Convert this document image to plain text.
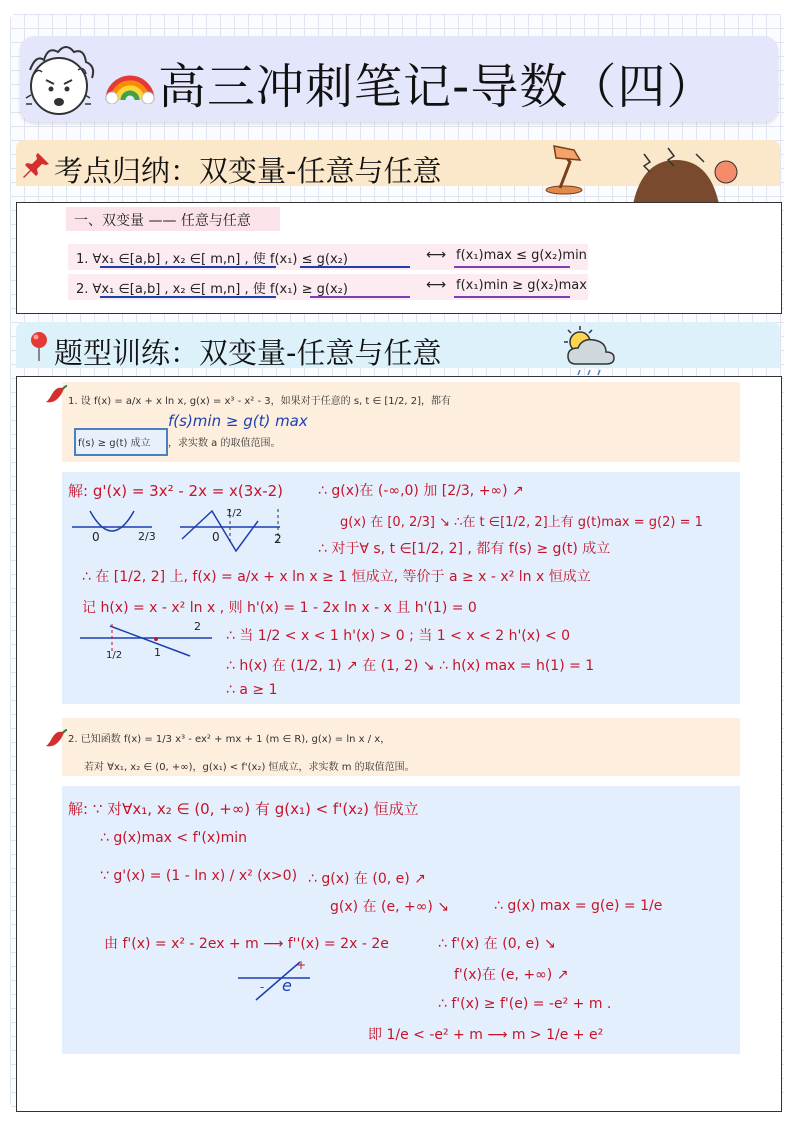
高三冲刺笔记-导数（四）
考点归纳：双变量-任意与任意
一、双变量 —— 任意与任意
1. ∀x₁ ∈[a,b] , x₂ ∈[ m,n] , 使 f(x₁) ≤ g(x₂)	⟷ f(x₁)max ≤ g(x₂)min
2. ∀x₁ ∈[a,b] , x₂ ∈[ m,n] , 使 f(x₁) ≥ g(x₂)	⟷ f(x₁)min ≥ g(x₂)max
题型训练：双变量-任意与任意
1. 设 f(x) = a/x + x ln x, g(x) = x³ - x² - 3，如果对于任意的 s, t ∈ [1/2, 2]，都有
f(s) ≥ g(t) 成立 ，求实数 a 的取值范围。
f(s)min ≥ g(t) max
解: g'(x) = 3x² - 2x = x(3x-2) ∴ g(x)在 (-∞,0) 加 [2/3, +∞) ↗
g(x) 在 [0, 2/3] ↘ ∴在 t ∈[1/2, 2]上有 g(t)max = g(2) = 1
∴ 对于∀ s, t ∈[1/2, 2] , 都有 f(s) ≥ g(t) 成立
∴ 在 [1/2, 2] 上, f(x) = a/x + x ln x ≥ 1 恒成立, 等价于 a ≥ x - x² ln x 恒成立
记 h(x) = x - x² ln x , 则 h'(x) = 1 - 2x ln x - x 且 h'(1) = 0
∴ 当 1/2 < x < 1 h'(x) > 0 ; 当 1 < x < 2 h'(x) < 0
∴ h(x) 在 (1/2, 1) ↗ 在 (1, 2) ↘ ∴ h(x) max = h(1) = 1
∴ a ≥ 1
0	2/3	0
1/2
2
1/2	1
2
2. 已知函数 f(x) = 1/3 x³ - ex² + mx + 1 (m ∈ R), g(x) = ln x / x，
若对 ∀x₁, x₂ ∈ (0, +∞)，g(x₁) < f'(x₂) 恒成立，求实数 m 的取值范围。
解: ∵ 对∀x₁, x₂ ∈ (0, +∞) 有 g(x₁) < f'(x₂) 恒成立
∴ g(x)max < f'(x)min
∵ g'(x) = (1 - ln x) / x² (x>0) ∴ g(x) 在 (0, e) ↗
g(x) 在 (e, +∞) ↘	∴ g(x) max = g(e) = 1/e
由 f'(x) = x² - 2ex + m ⟶ f''(x) = 2x - 2e	∴ f'(x) 在 (0, e) ↘
f'(x)在 (e, +∞) ↗
∴ f'(x) ≥ f'(e) = -e² + m .
即 1/e < -e² + m ⟶ m > 1/e + e²
e
-
+
